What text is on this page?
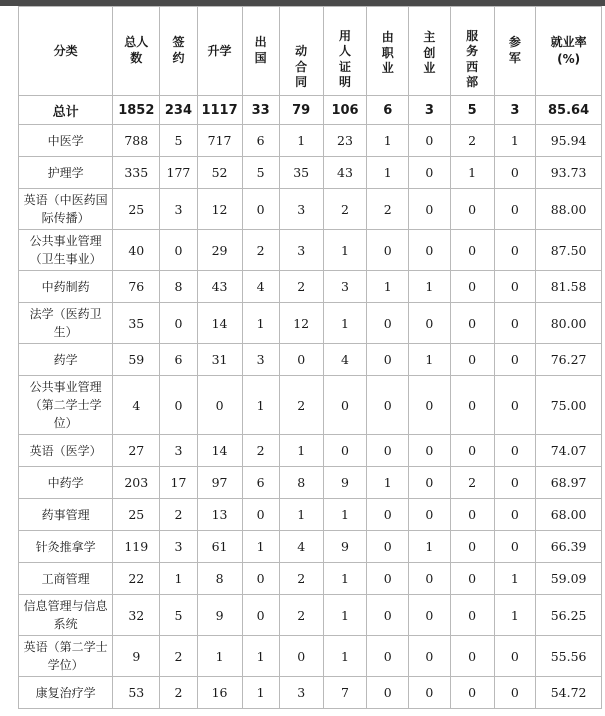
分类	总人数	签约	升学	出国	动合同	用人证明	由职业	主创业	服务西部	参军	就业率(%)
总计	1852	234	1117	33	79	106	6	3	5	3	85.64
中医学	788	5	717	6	1	23	1	0	2	1	95.94
护理学	335	177	52	5	35	43	1	0	1	0	93.73
英语（中医药国际传播）	25	3	12	0	3	2	2	0	0	0	88.00
公共事业管理（卫生事业）	40	0	29	2	3	1	0	0	0	0	87.50
中药制药	76	8	43	4	2	3	1	1	0	0	81.58
法学（医药卫生）	35	0	14	1	12	1	0	0	0	0	80.00
药学	59	6	31	3	0	4	0	1	0	0	76.27
公共事业管理（第二学士学位）	4	0	0	1	2	0	0	0	0	0	75.00
英语（医学）	27	3	14	2	1	0	0	0	0	0	74.07
中药学	203	17	97	6	8	9	1	0	2	0	68.97
药事管理	25	2	13	0	1	1	0	0	0	0	68.00
针灸推拿学	119	3	61	1	4	9	0	1	0	0	66.39
工商管理	22	1	8	0	2	1	0	0	0	1	59.09
信息管理与信息系统	32	5	9	0	2	1	0	0	0	1	56.25
英语（第二学士学位）	9	2	1	1	0	1	0	0	0	0	55.56
康复治疗学	53	2	16	1	3	7	0	0	0	0	54.72
